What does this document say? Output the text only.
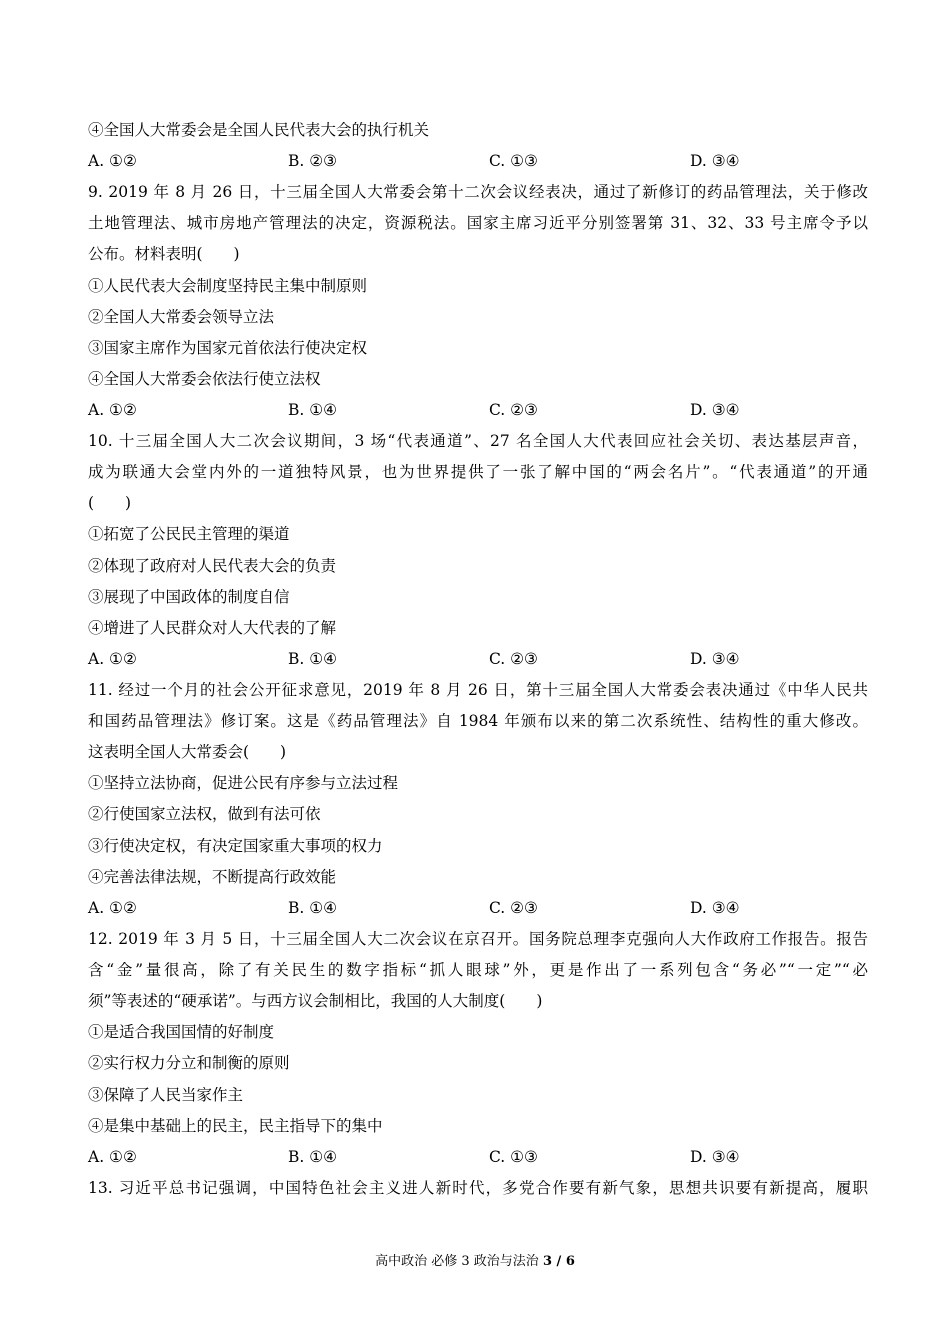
④全国人大常委会是全国人民代表大会的执行机关
A. ①②	B. ②③	C. ①③	D. ③④
9. 2019 年 8 月 26 日，十三届全国人大常委会第十二次会议经表决，通过了新修订的药品管理法，关于修改
土地管理法、城市房地产管理法的决定，资源税法。国家主席习近平分别签署第 31、32、33 号主席令予以
公布。材料表明(　　)
①人民代表大会制度坚持民主集中制原则
②全国人大常委会领导立法
③国家主席作为国家元首依法行使决定权
④全国人大常委会依法行使立法权
A. ①②	B. ①④	C. ②③	D. ③④
10. 十三届全国人大二次会议期间，3 场“代表通道”、27 名全国人大代表回应社会关切、表达基层声音，
成为联通大会堂内外的一道独特风景，也为世界提供了一张了解中国的“两会名片”。“代表通道”的开通
(　　)
①拓宽了公民民主管理的渠道
②体现了政府对人民代表大会的负责
③展现了中国政体的制度自信
④增进了人民群众对人大代表的了解
A. ①②	B. ①④	C. ②③	D. ③④
11. 经过一个月的社会公开征求意见，2019 年 8 月 26 日，第十三届全国人大常委会表决通过《中华人民共
和国药品管理法》修订案。这是《药品管理法》自 1984 年颁布以来的第二次系统性、结构性的重大修改。
这表明全国人大常委会(　　)
①坚持立法协商，促进公民有序参与立法过程
②行使国家立法权，做到有法可依
③行使决定权，有决定国家重大事项的权力
④完善法律法规，不断提高行政效能
A. ①②	B. ①④	C. ②③	D. ③④
12. 2019 年 3 月 5 日，十三届全国人大二次会议在京召开。国务院总理李克强向人大作政府工作报告。报告
含“金”量很高，除了有关民生的数字指标“抓人眼球”外，更是作出了一系列包含“务必”“一定”“必
须”等表述的“硬承诺”。与西方议会制相比，我国的人大制度(　　)
①是适合我国国情的好制度
②实行权力分立和制衡的原则
③保障了人民当家作主
④是集中基础上的民主，民主指导下的集中
A. ①②	B. ①④	C. ①③	D. ③④
13. 习近平总书记强调，中国特色社会主义进人新时代，多党合作要有新气象，思想共识要有新提高，履职
高中政治 必修 3 政治与法治 3 / 6
